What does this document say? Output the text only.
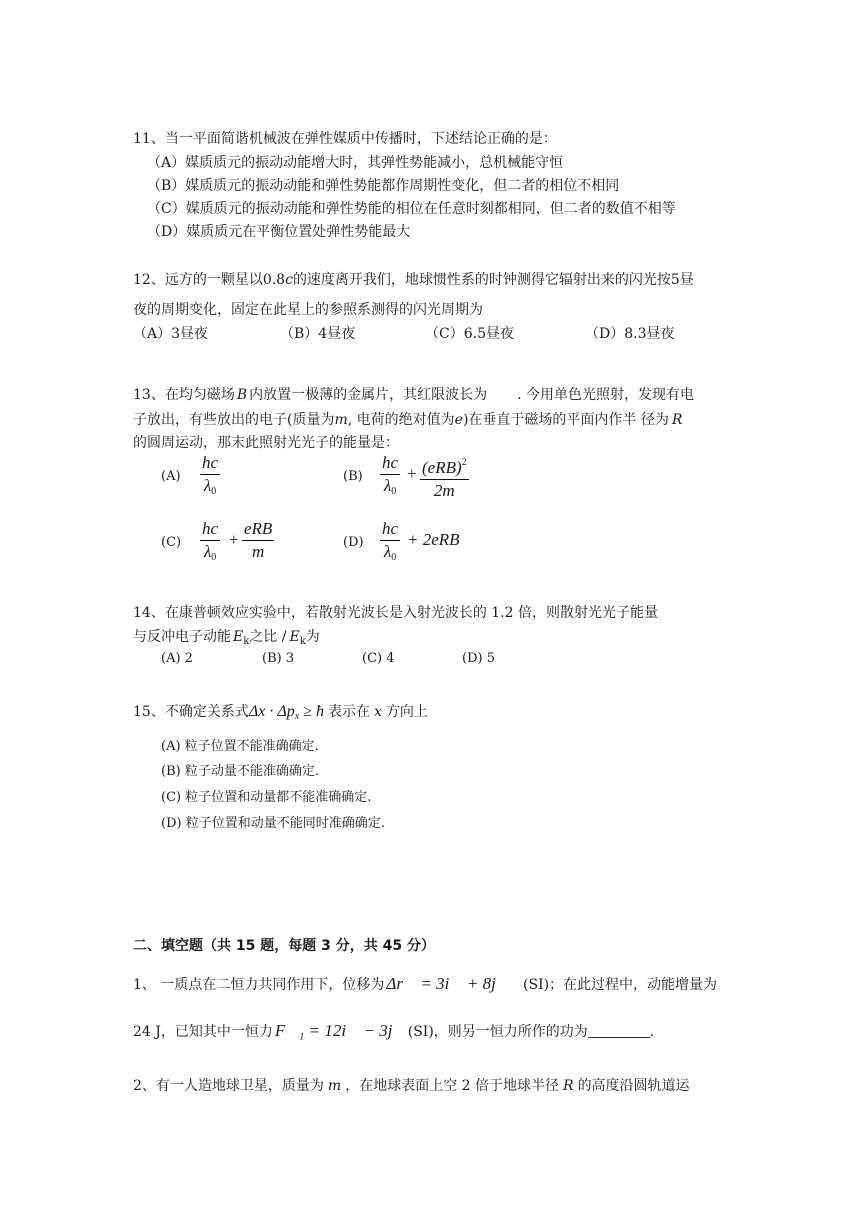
11、当一平面简谐机械波在弹性媒质中传播时，下述结论正确的是：
（A）媒质质元的振动动能增大时，其弹性势能减小，总机械能守恒
（B）媒质质元的振动动能和弹性势能都作周期性变化，但二者的相位不相同
（C）媒质质元的振动动能和弹性势能的相位在任意时刻都相同，但二者的数值不相等
（D）媒质质元在平衡位置处弹性势能最大
12、远方的一颗星以0.8c的速度离开我们，地球惯性系的时钟测得它辐射出来的闪光按5昼
夜的周期变化，固定在此星上的参照系测得的闪光周期为
（A）3昼夜	（B）4昼夜	（C）6.5昼夜	（D）8.3昼夜
13、在均匀磁场 B 内放置一极薄的金属片，其红限波长为 . 今用单色光照射，发现有电
子放出，有些放出的电子(质量为m, 电荷的绝对值为e)在垂直于磁场的平面内作半 径为 R
的圆周运动，那末此照射光光子的能量是：
$(A) \frac{hc}{\lambda_0}$	$(B) \frac{hc}{\lambda_0} + (eRB)^2$
2m
$(C) \frac{hc}{\lambda_0}$ +
eRB
m	$(D) \frac{hc}{\lambda_0} + 2eRB$
14、在康普顿效应实验中，若散射光波长是入射光波长的 1.2 倍，则散射光光子能量
与反冲电子动能 $E_k$之比 / $E_k$为
(A) 2	(B) 3	(C) 4	(D) 5
15、不确定关系式$\Delta x \cdot \Delta p_x$ ≥ ħ 表示在 x 方向上
(A) 粒子位置不能准确确定.
(B) 粒子动量不能准确确定.
(C) 粒子位置和动量都不能准确确定.
(D) 粒子位置和动量不能同时准确确定.
二、填空题（共 15 题，每题 3 分，共 45 分）
1、 一质点在二恒力共同作用下，位移为 Δr⃗ = 3i⃗ + 8j⃗ (SI)；在此过程中，动能增量为
24 J，已知其中一恒力 F⃗₁ = 12i⃗ − 3j⃗ (SI)，则另一恒力所作的功为	.
2、有一人造地球卫星，质量为 m ，在地球表面上空 2 倍于地球半径 R 的高度沿圆轨道运
